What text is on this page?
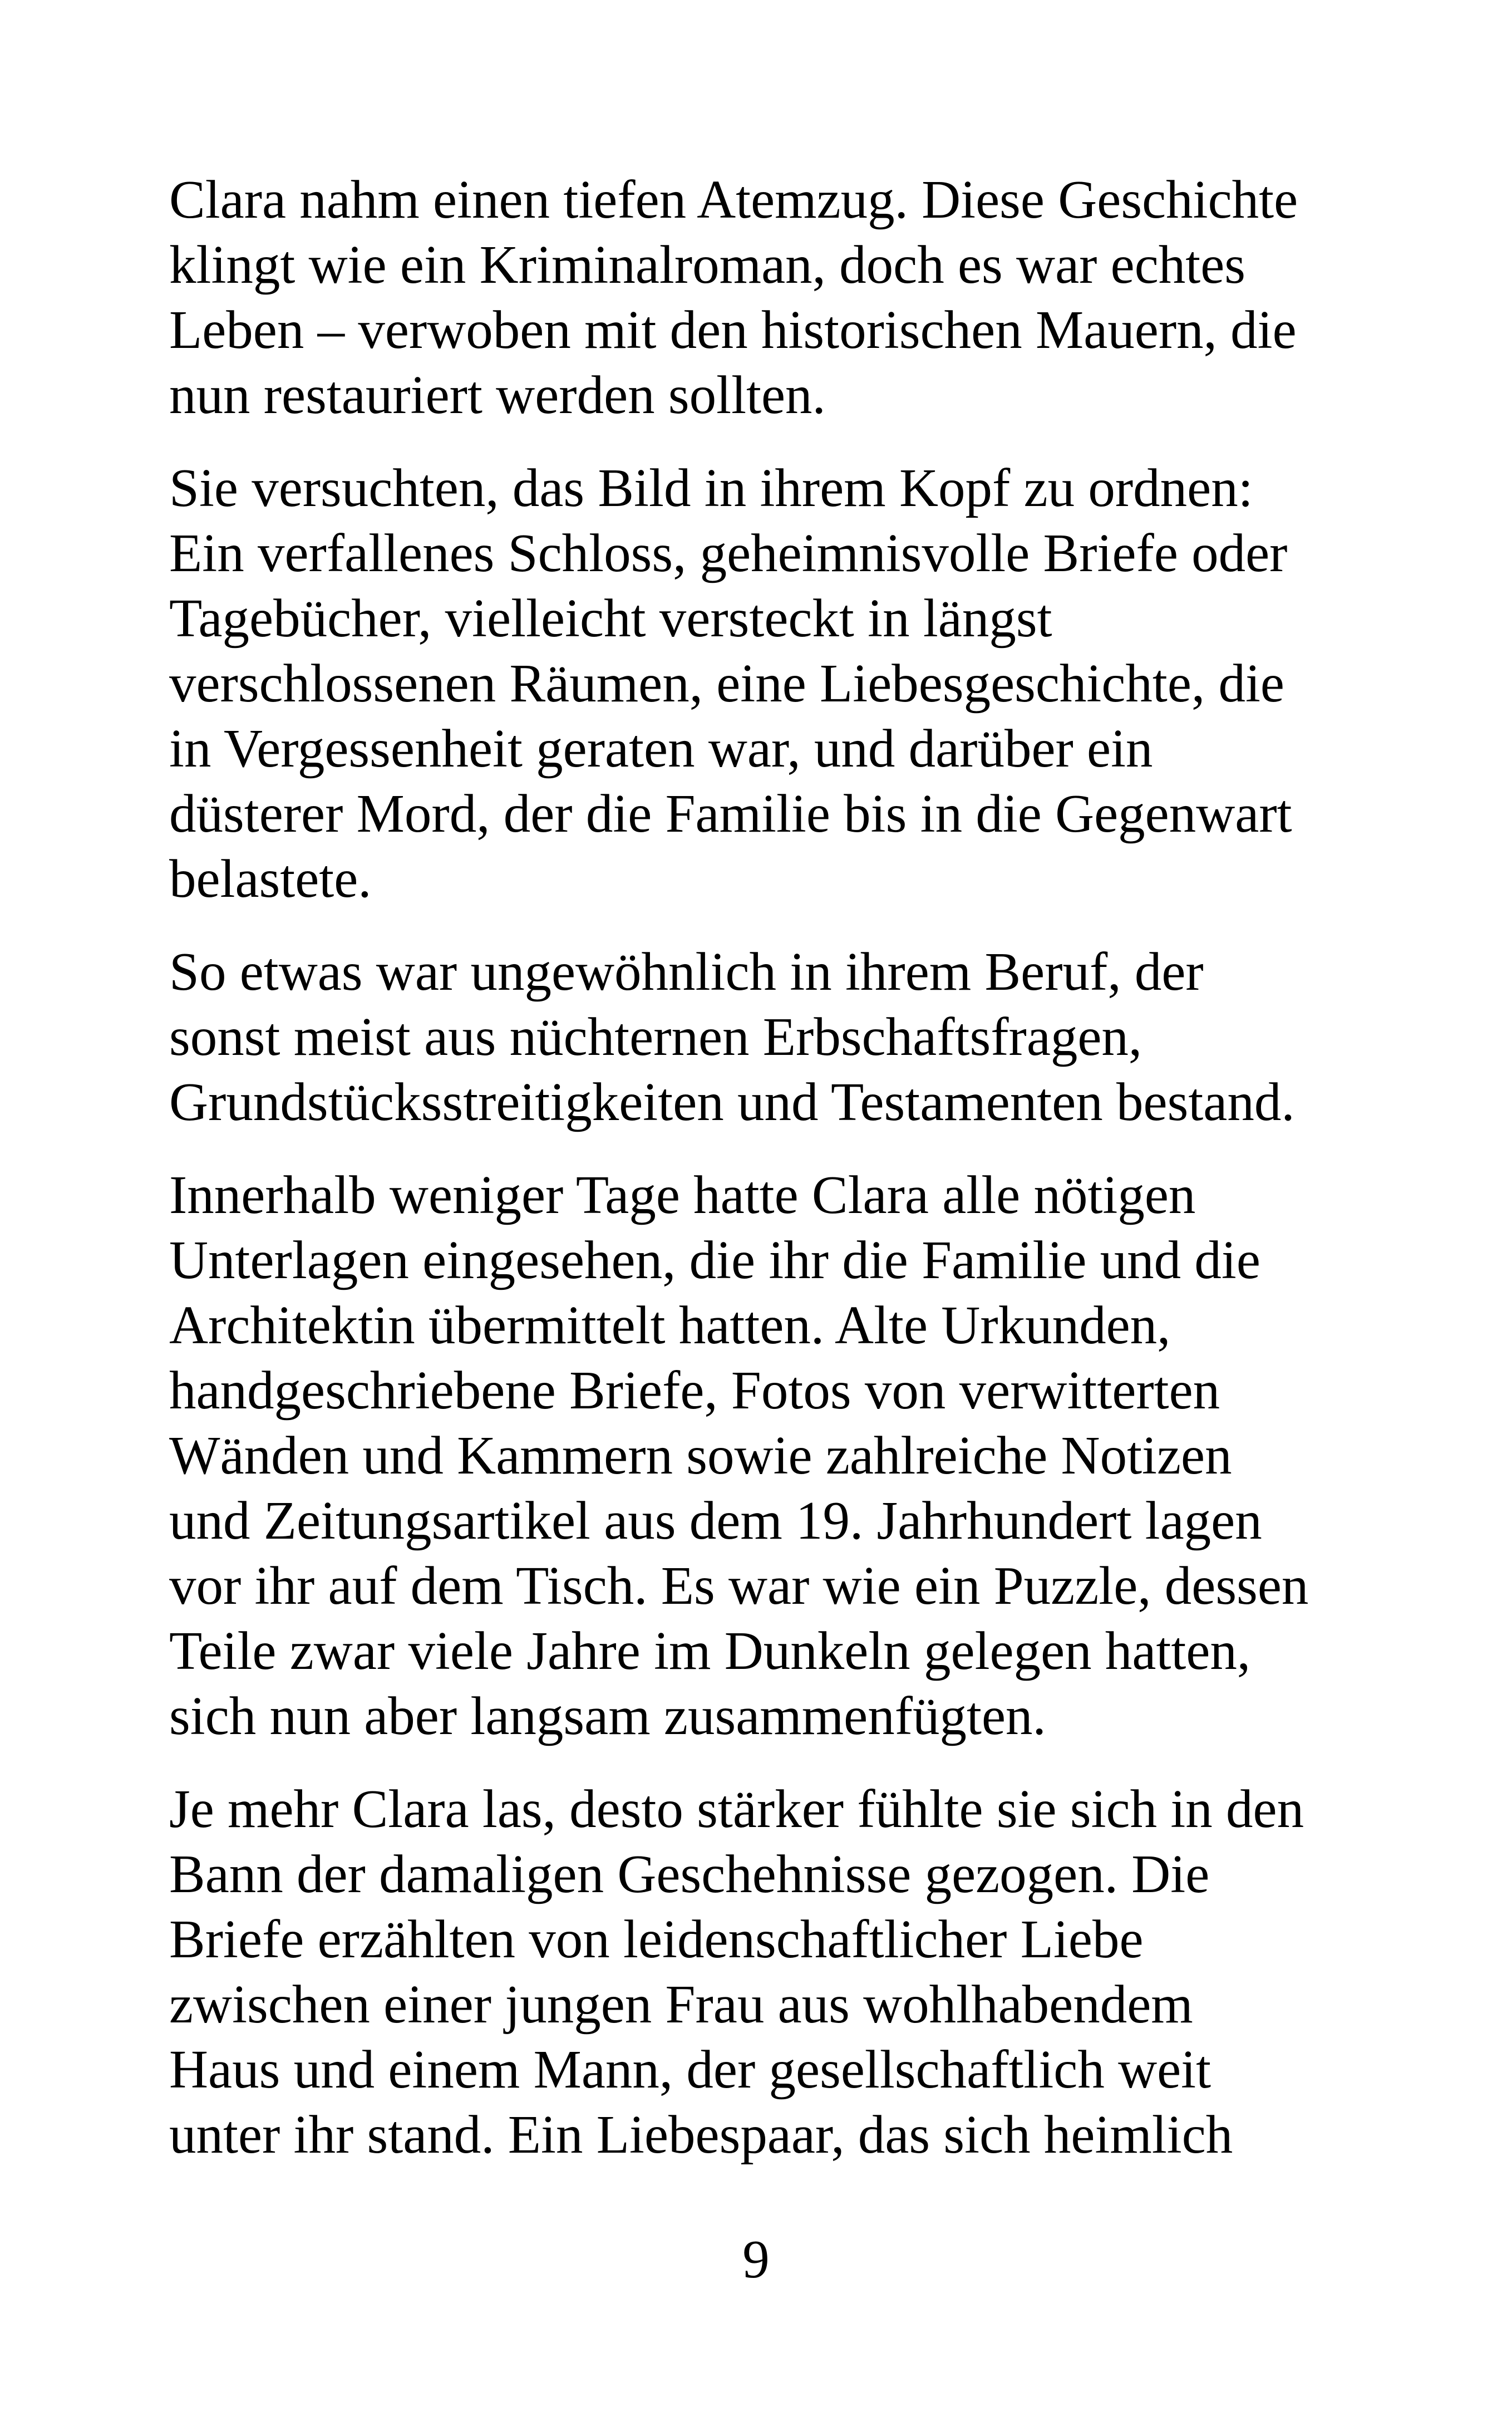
Clara nahm einen tiefen Atemzug. Diese Geschichte
klingt wie ein Kriminalroman, doch es war echtes
Leben – verwoben mit den historischen Mauern, die
nun restauriert werden sollten.

Sie versuchten, das Bild in ihrem Kopf zu ordnen:
Ein verfallenes Schloss, geheimnisvolle Briefe oder
Tagebücher, vielleicht versteckt in längst
verschlossenen Räumen, eine Liebesgeschichte, die
in Vergessenheit geraten war, und darüber ein
düsterer Mord, der die Familie bis in die Gegenwart
belastete.

So etwas war ungewöhnlich in ihrem Beruf, der
sonst meist aus nüchternen Erbschaftsfragen,
Grundstücksstreitigkeiten und Testamenten bestand.

Innerhalb weniger Tage hatte Clara alle nötigen
Unterlagen eingesehen, die ihr die Familie und die
Architektin übermittelt hatten. Alte Urkunden,
handgeschriebene Briefe, Fotos von verwitterten
Wänden und Kammern sowie zahlreiche Notizen
und Zeitungsartikel aus dem 19. Jahrhundert lagen
vor ihr auf dem Tisch. Es war wie ein Puzzle, dessen
Teile zwar viele Jahre im Dunkeln gelegen hatten,
sich nun aber langsam zusammenfügten.

Je mehr Clara las, desto stärker fühlte sie sich in den
Bann der damaligen Geschehnisse gezogen. Die
Briefe erzählten von leidenschaftlicher Liebe
zwischen einer jungen Frau aus wohlhabendem
Haus und einem Mann, der gesellschaftlich weit
unter ihr stand. Ein Liebespaar, das sich heimlich

9
